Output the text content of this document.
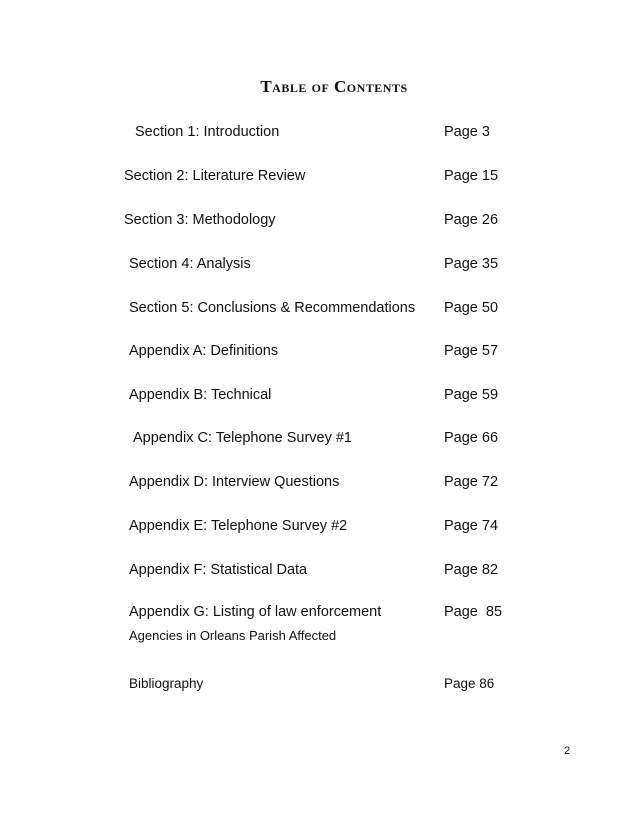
Table of Contents
Section 1: Introduction	Page 3
Section 2: Literature Review	Page 15
Section 3: Methodology	Page 26
Section 4: Analysis	Page 35
Section 5: Conclusions & Recommendations Page 50
Appendix A: Definitions	Page 57
Appendix B: Technical	Page 59
Appendix C: Telephone Survey #1	Page 66
Appendix D: Interview Questions	Page 72
Appendix E: Telephone Survey #2	Page 74
Appendix F: Statistical Data	Page 82
Appendix G: Listing of law enforcement	Page  85
Agencies in Orleans Parish Affected
Bibliography	Page 86
2
